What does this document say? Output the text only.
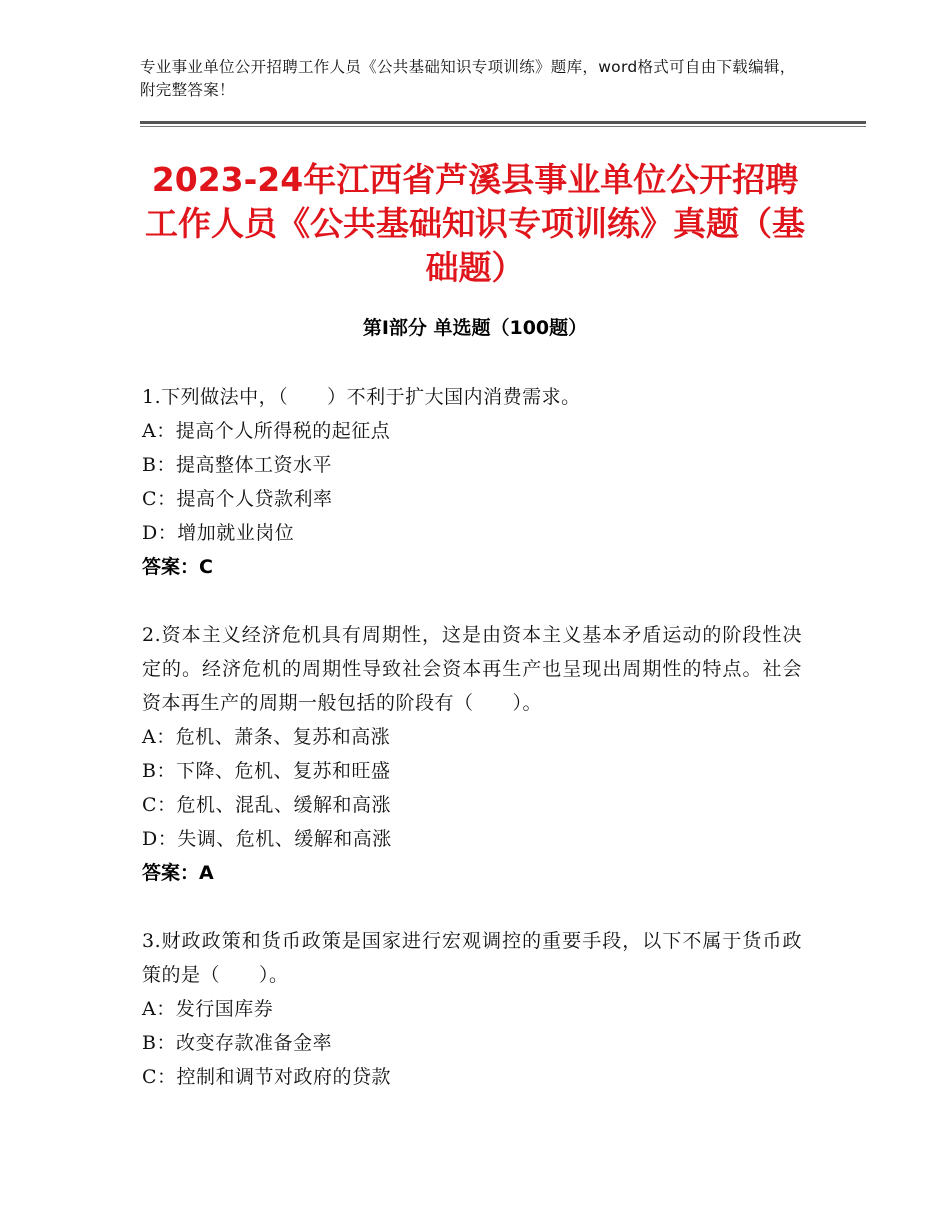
专业事业单位公开招聘工作人员《公共基础知识专项训练》题库，word格式可自由下载编辑，附完整答案！
2023-24年江西省芦溪县事业单位公开招聘工作人员《公共基础知识专项训练》真题（基础题）
第I部分 单选题（100题）
1.下列做法中，（　　）不利于扩大国内消费需求。
A：提高个人所得税的起征点
B：提高整体工资水平
C：提高个人贷款利率
D：增加就业岗位
答案：C
2.资本主义经济危机具有周期性，这是由资本主义基本矛盾运动的阶段性决定的。经济危机的周期性导致社会资本再生产也呈现出周期性的特点。社会资本再生产的周期一般包括的阶段有（　　）。
A：危机、萧条、复苏和高涨
B：下降、危机、复苏和旺盛
C：危机、混乱、缓解和高涨
D：失调、危机、缓解和高涨
答案：A
3.财政政策和货币政策是国家进行宏观调控的重要手段，以下不属于货币政策的是（　　）。
A：发行国库券
B：改变存款准备金率
C：控制和调节对政府的贷款
